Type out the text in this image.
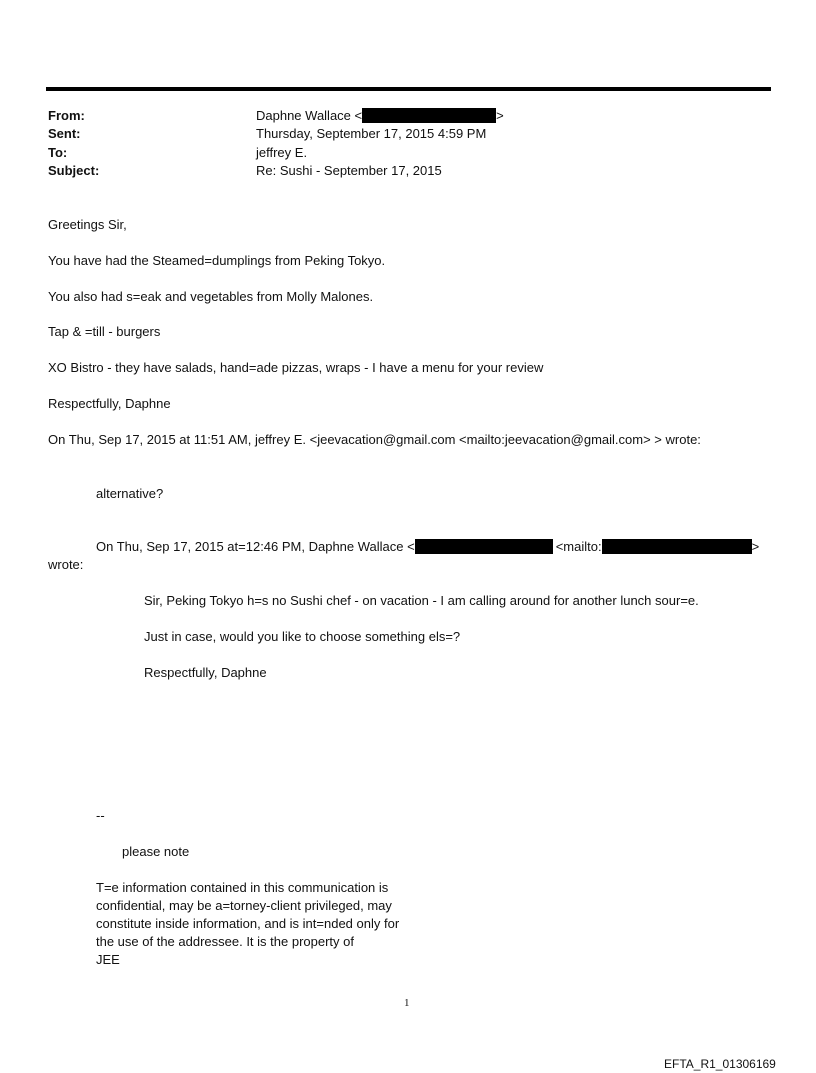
From:	Daphne Wallace <	>
Sent:	Thursday, September 17, 2015 4:59 PM
To:	jeffrey E.
Subject:	Re: Sushi - September 17, 2015
Greetings Sir,
You have had the Steamed=dumplings from Peking Tokyo.
You also had s=eak and vegetables from Molly Malones.
Tap & =till - burgers
XO Bistro - they have salads, hand=ade pizzas, wraps - I have a menu for your review
Respectfully, Daphne
On Thu, Sep 17, 2015 at 11:51 AM, jeffrey E. <jeevacation@gmail.com <mailto:jeevacation@gmail.com> > wrote:
alternative?
On Thu, Sep 17, 2015 at=12:46 PM, Daphne Wallace <	<mailto:	>
wrote:
Sir, Peking Tokyo h=s no Sushi chef - on vacation - I am calling around for another lunch sour=e.
Just in case, would you like to choose something els=?
Respectfully, Daphne
--
please note
T=e information contained in this communication is
confidential, may be a=torney-client privileged, may
constitute inside information, and is int=nded only for
the use of the addressee. It is the property of
JEE
1
EFTA_R1_01306169
